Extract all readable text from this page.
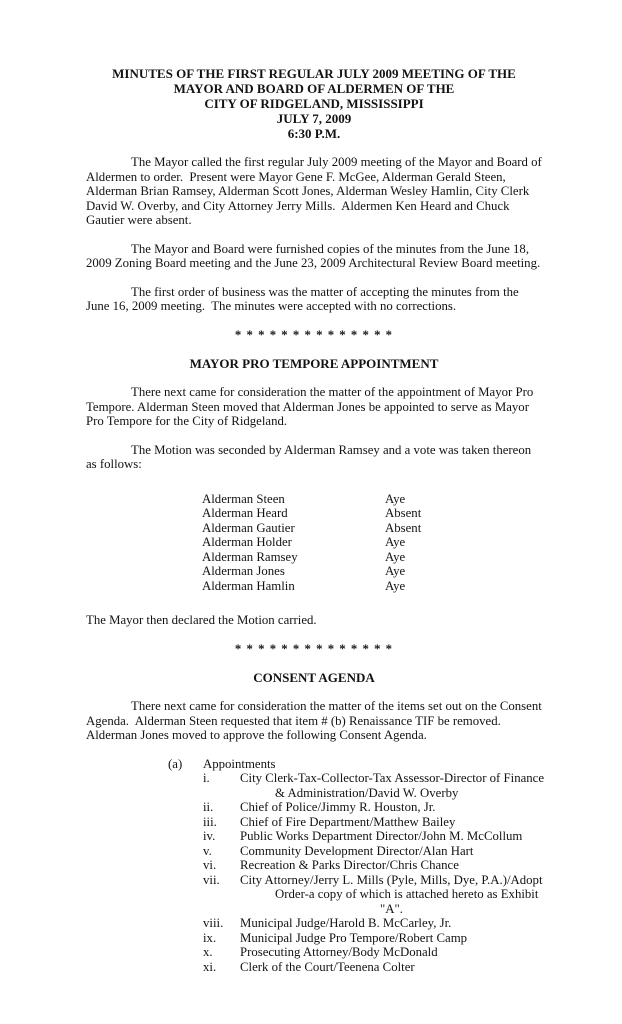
MINUTES OF THE FIRST REGULAR JULY 2009 MEETING OF THE
MAYOR AND BOARD OF ALDERMEN OF THE
CITY OF RIDGELAND, MISSISSIPPI
JULY 7, 2009
6:30 P.M.

The Mayor called the first regular July 2009 meeting of the Mayor and Board of Aldermen to order.  Present were Mayor Gene F. McGee, Alderman Gerald Steen, Alderman Brian Ramsey, Alderman Scott Jones, Alderman Wesley Hamlin, City Clerk David W. Overby, and City Attorney Jerry Mills.  Aldermen Ken Heard and Chuck Gautier were absent.

The Mayor and Board were furnished copies of the minutes from the June 18, 2009 Zoning Board meeting and the June 23, 2009 Architectural Review Board meeting.

The first order of business was the matter of accepting the minutes from the June 16, 2009 meeting.  The minutes were accepted with no corrections.

* * * * * * * * * * * * * *
MAYOR PRO TEMPORE APPOINTMENT

There next came for consideration the matter of the appointment of Mayor Pro Tempore. Alderman Steen moved that Alderman Jones be appointed to serve as Mayor Pro Tempore for the City of Ridgeland.

The Motion was seconded by Alderman Ramsey and a vote was taken thereon as follows:

Alderman Steen	Aye
Alderman Heard	Absent
Alderman Gautier	Absent
Alderman Holder	Aye
Alderman Ramsey	Aye
Alderman Jones	Aye
Alderman Hamlin	Aye

The Mayor then declared the Motion carried.

* * * * * * * * * * * * * *
CONSENT AGENDA

There next came for consideration the matter of the items set out on the Consent Agenda.  Alderman Steen requested that item # (b) Renaissance TIF be removed. Alderman Jones moved to approve the following Consent Agenda.

(a)	Appointments
i.	City Clerk-Tax-Collector-Tax Assessor-Director of Finance
& Administration/David W. Overby
ii.	Chief of Police/Jimmy R. Houston, Jr.
iii.	Chief of Fire Department/Matthew Bailey
iv.	Public Works Department Director/John M. McCollum
v.	Community Development Director/Alan Hart
vi.	Recreation & Parks Director/Chris Chance
vii.	City Attorney/Jerry L. Mills (Pyle, Mills, Dye, P.A.)/Adopt
Order-a copy of which is attached hereto as Exhibit
"A".
viii.	Municipal Judge/Harold B. McCarley, Jr.
ix.	Municipal Judge Pro Tempore/Robert Camp
x.	Prosecuting Attorney/Body McDonald
xi.	Clerk of the Court/Teenena Colter
